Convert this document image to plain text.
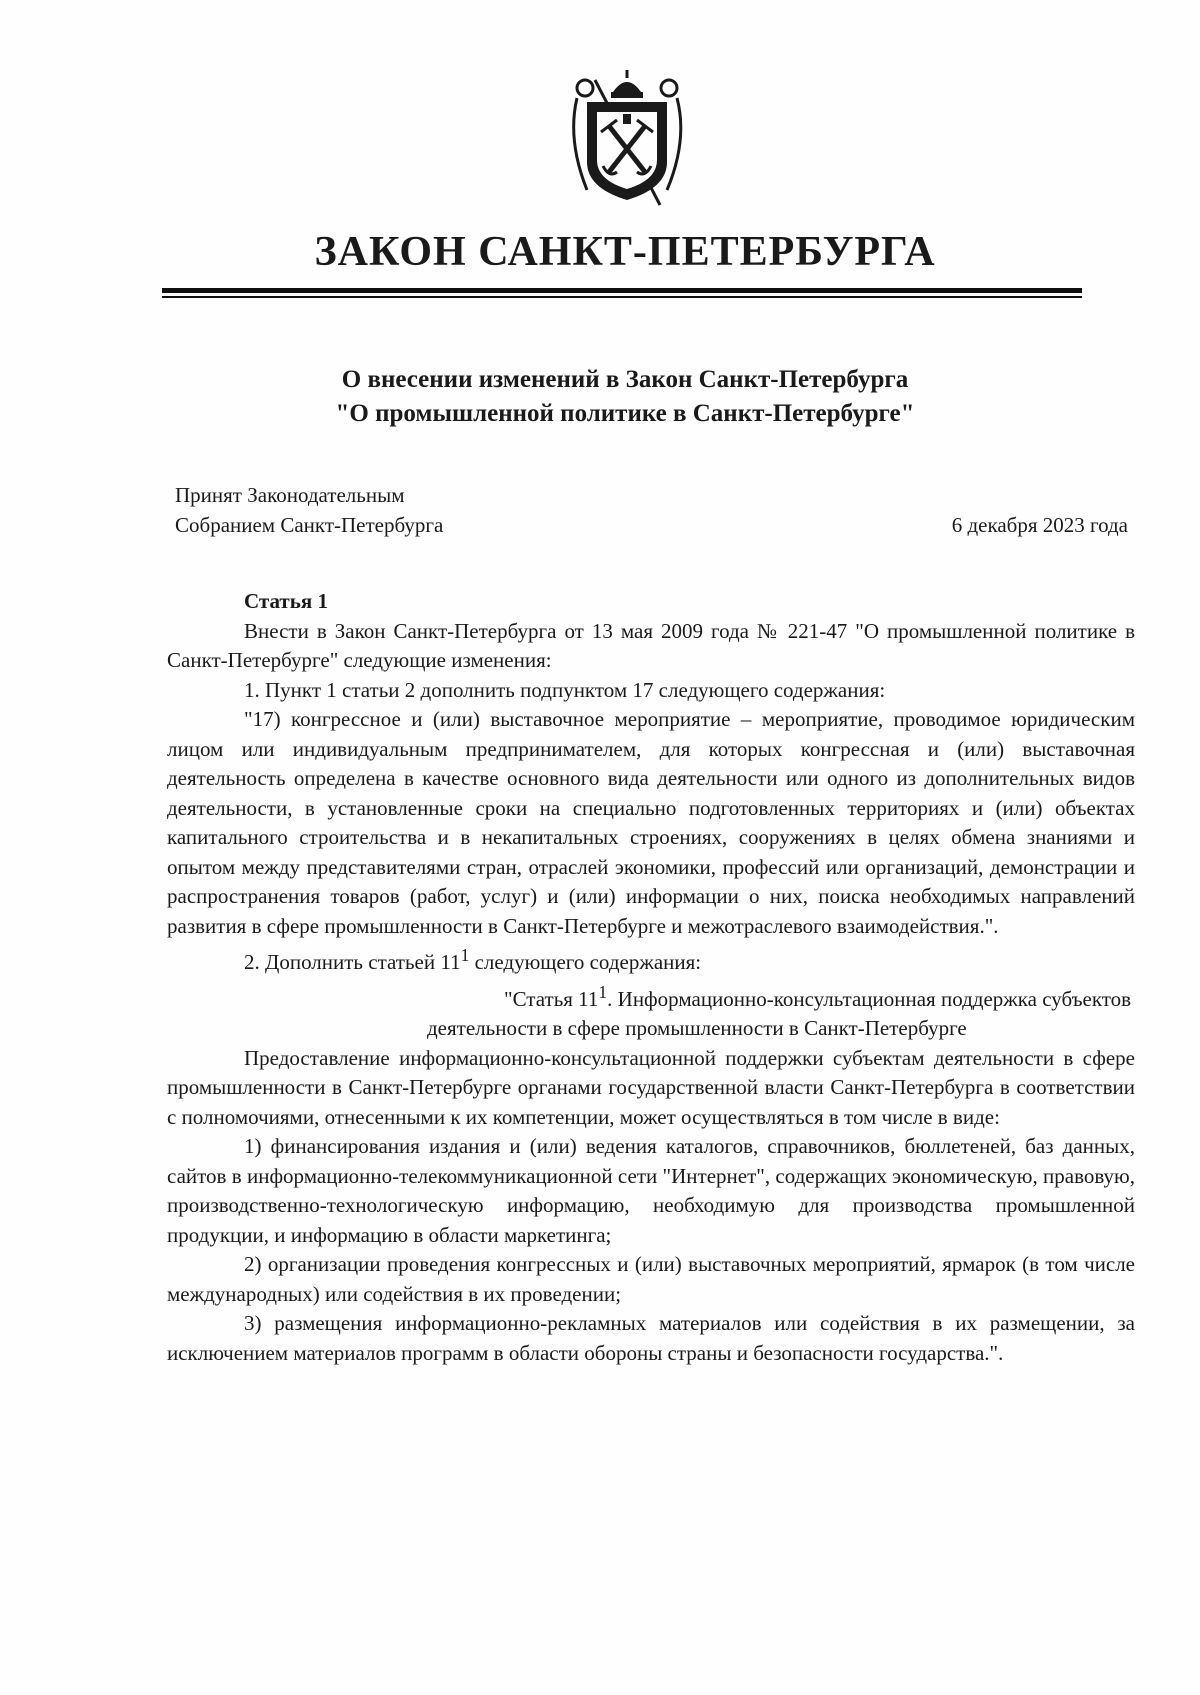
ЗАКОН САНКТ-ПЕТЕРБУРГА
О внесении изменений в Закон Санкт-Петербурга
"О промышленной политике в Санкт-Петербурге"

Принят Законодательным
Собранием Санкт-Петербурга	6 декабря 2023 года

Статья 1

Внести в Закон Санкт-Петербурга от 13 мая 2009 года № 221-47 "О промышленной политике в Санкт-Петербурге" следующие изменения:

1. Пункт 1 статьи 2 дополнить подпунктом 17 следующего содержания:

"17) конгрессное и (или) выставочное мероприятие – мероприятие, проводимое юридическим лицом или индивидуальным предпринимателем, для которых конгрессная и (или) выставочная деятельность определена в качестве основного вида деятельности или одного из дополнительных видов деятельности, в установленные сроки на специально подготовленных территориях и (или) объектах капитального строительства и в некапитальных строениях, сооружениях в целях обмена знаниями и опытом между представителями стран, отраслей экономики, профессий или организаций, демонстрации и распространения товаров (работ, услуг) и (или) информации о них, поиска необходимых направлений развития в сфере промышленности в Санкт-Петербурге и межотраслевого взаимодействия.".

2. Дополнить статьей $11^1$ следующего содержания:

"Статья $11^1$. Информационно-консультационная поддержка субъектов деятельности в сфере промышленности в Санкт-Петербурге

Предоставление информационно-консультационной поддержки субъектам деятельности в сфере промышленности в Санкт-Петербурге органами государственной власти Санкт-Петербурга в соответствии с полномочиями, отнесенными к их компетенции, может осуществляться в том числе в виде:

1) финансирования издания и (или) ведения каталогов, справочников, бюллетеней, баз данных, сайтов в информационно-телекоммуникационной сети "Интернет", содержащих экономическую, правовую, производственно-технологическую информацию, необходимую для производства промышленной продукции, и информацию в области маркетинга;

2) организации проведения конгрессных и (или) выставочных мероприятий, ярмарок (в том числе международных) или содействия в их проведении;

3) размещения информационно-рекламных материалов или содействия в их размещении, за исключением материалов программ в области обороны страны и безопасности государства.".
